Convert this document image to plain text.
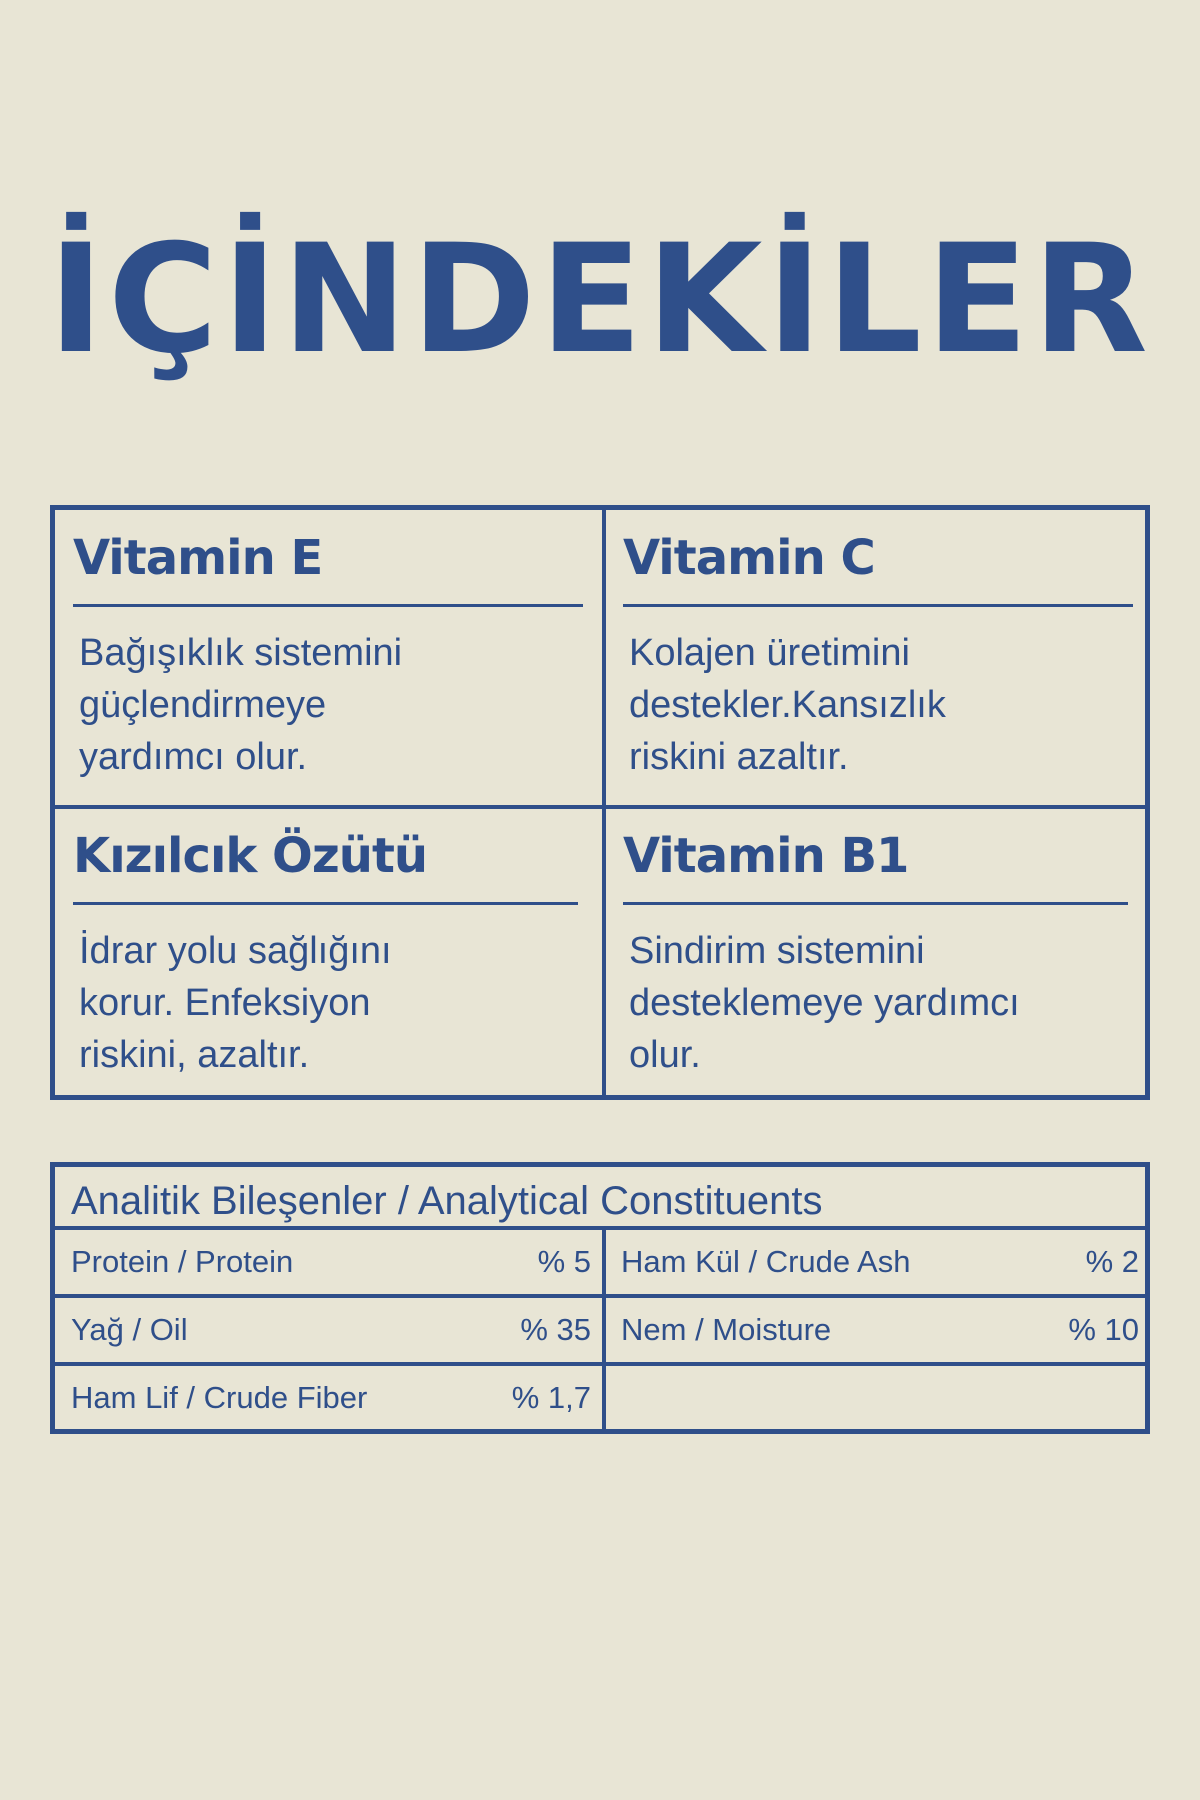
İÇİNDEKİLER
Vitamin E

Bağışıklık sistemini
güçlendirmeye
yardımcı olur.

Vitamin C

Kolajen üretimini
destekler.Kansızlık
riskini azaltır.

Kızılcık Özütü

İdrar yolu sağlığını
korur. Enfeksiyon
riskini, azaltır.

Vitamin B1

Sindirim sistemini
desteklemeye yardımcı
olur.

Analitik Bileşenler / Analytical Constituents
Protein / Protein	% 5 Ham Kül / Crude Ash	% 2
Yağ / Oil	% 35 Nem / Moisture	% 10
Ham Lif / Crude Fiber	% 1,7
